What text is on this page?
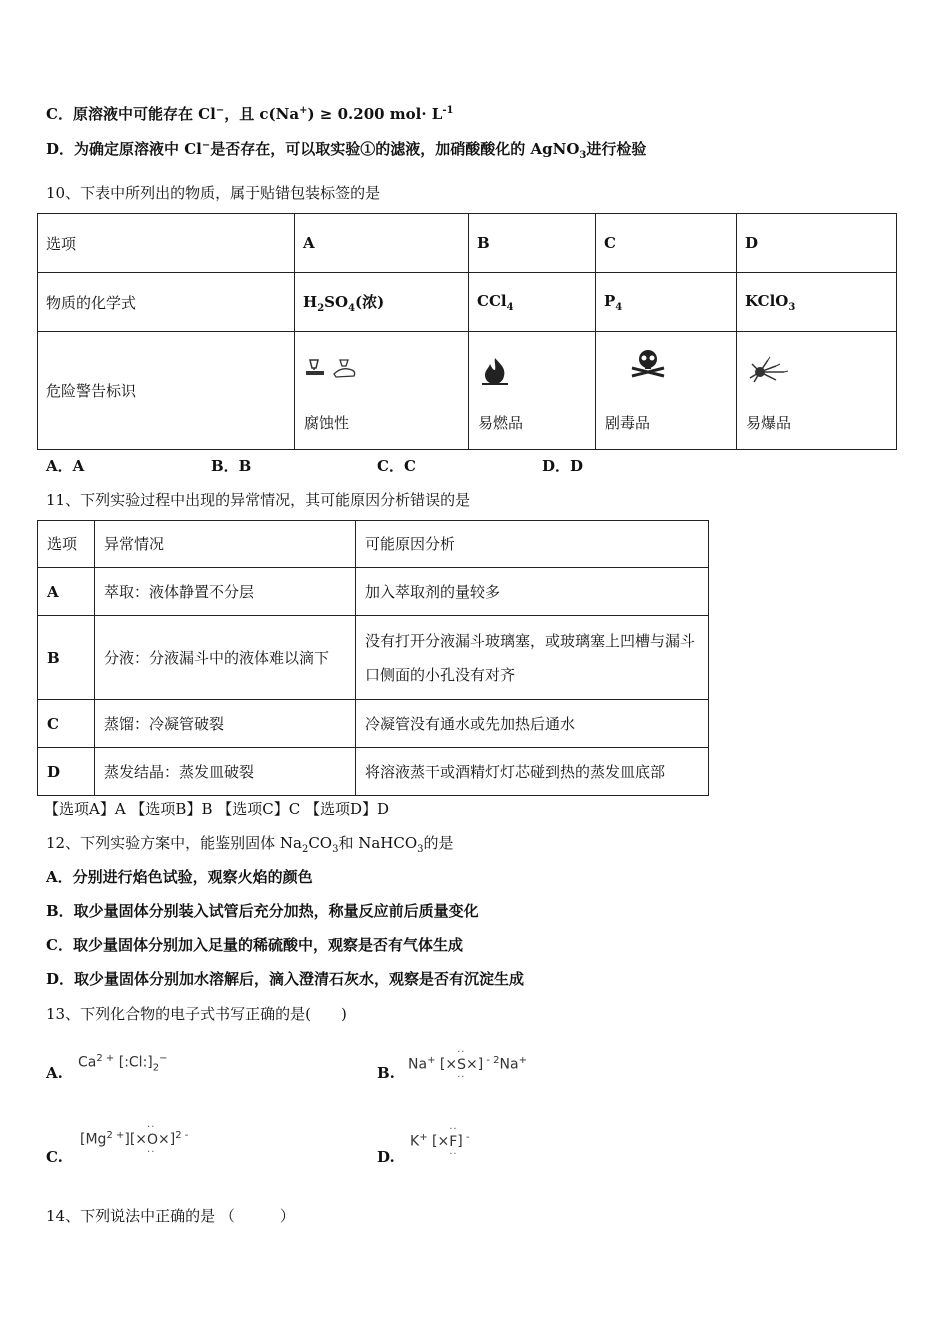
C．原溶液中可能存在 Cl−，且 c(Na+) ≥ 0.200 $mol\cdot L^{-1}$
D．为确定原溶液中 Cl−是否存在，可以取实验①的滤液，加硝酸酸化的 AgNO$_3$进行检验
10、下表中所列出的物质，属于贴错包装标签的是
选项	A	B	C	D
物质的化学式	$H_2SO_4$(浓)	CCl$_4$	$P_4$	KClO$_3$
危险警告标识	腐蚀性	易燃品	剧毒品	易爆品
A．A	B．B	C．C	D．D
11、下列实验过程中出现的异常情况，其可能原因分析错误的是
选项	异常情况	可能原因分析
A	萃取：液体静置不分层	加入萃取剂的量较多
B	分液：分液漏斗中的液体难以滴下	没有打开分液漏斗玻璃塞，或玻璃塞上凹槽与漏斗口侧面的小孔没有对齐
C	蒸馏：冷凝管破裂	冷凝管没有通水或先加热后通水
D	蒸发结晶：蒸发皿破裂	将溶液蒸干或酒精灯灯芯碰到热的蒸发皿底部
【选项A】A 【选项B】B 【选项C】C 【选项D】D
12、下列实验方案中，能鉴别固体 $Na_2CO_3$和 NaHCO$_3$的是
A．分别进行焰色试验，观察火焰的颜色
B．取少量固体分别装入试管后充分加热，称量反应前后质量变化
C．取少量固体分别加入足量的稀硫酸中，观察是否有气体生成
D．取少量固体分别加水溶解后，滴入澄清石灰水，观察是否有沉淀生成
13、下列化合物的电子式书写正确的是(　　)
A.
$Ca^{2 +}$ $[:Cl:]_2^-$
B. Na+ [×·· S ··×] $^{- 2}$Na+
C.
$[Mg^{2 +}][\times\cdot\cdot O \cdot\cdot\times]^{2 -}$
D.
K+ [×·· F ··] -
14、下列说法中正确的是 （　　　）
